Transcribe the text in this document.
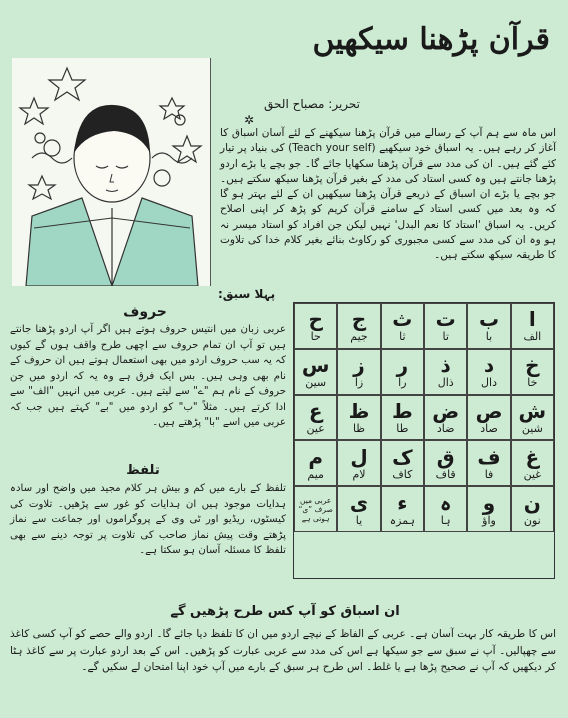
قرآن پڑھنا سیکھیں
تحریر: مصباح الحق
✲
اس ماہ سے ہم آپ کے رسالے میں قرآن پڑھنا سیکھنے کے لئے آسان اسباق کا آغاز کر رہے ہیں۔ یہ اسباق خود سیکھیے (Teach your self) کی بنیاد پر تیار کئے گئے ہیں۔ ان کی مدد سے قرآن پڑھنا سکھایا جائے گا۔ جو بچے یا بڑے اردو پڑھنا جانتے ہیں وہ کسی استاد کی مدد کے بغیر قرآن پڑھنا سیکھ سکتے ہیں۔ جو بچے یا بڑے ان اسباق کے ذریعے قرآن پڑھنا سیکھیں ان کے لئے بہتر ہو گا کہ وہ بعد میں کسی استاد کے سامنے قرآن کریم کو پڑھ کر اپنی اصلاح کریں۔ یہ اسباق 'استاد کا نعم البدل' نہیں لیکن جن افراد کو استاد میسر نہ ہو وہ ان کی مدد سے کسی مجبوری کو رکاوٹ بنائے بغیر کلام خدا کی تلاوت کا طریقہ سیکھ سکتے ہیں۔
پہلا سبق:
حروف
عربی زبان میں انتیس حروف ہوتے ہیں اگر آپ اردو پڑھنا جانتے ہیں تو آپ ان تمام حروف سے اچھی طرح واقف ہوں گے کیوں کہ یہ سب حروف اردو میں بھی استعمال ہوتے ہیں ان حروف کے نام بھی وہی ہیں۔ بس ایک فرق ہے وہ یہ کہ اردو میں جن حروف کے نام ہم "ے" سے لیتے ہیں۔ عربی میں انہیں "الف" سے ادا کرتے ہیں۔ مثلاً "ب" کو اردو میں "بے" کہتے ہیں جب کہ عربی میں اسے "با" پڑھتے ہیں۔
تلفظ
تلفظ کے بارے میں کم و بیش ہر کلام مجید میں واضح اور سادہ ہدایات موجود ہیں ان ہدایات کو غور سے پڑھیں۔ تلاوت کی کیسٹوں، ریڈیو اور ٹی وی کے پروگراموں اور جماعت سے نماز پڑھتے وقت پیش نماز صاحب کی تلاوت پر توجہ دینے سے بھی تلفظ کا مسئلہ آسان ہو سکتا ہے۔
ا
الف
ب
با
ت
تا
ث
ثا
ج
جیم
ح
حا
خ
خا
د
دال
ذ
ذال
ر
را
ز
زا
س
سین
ش
شین
ص
صاد
ض
ضاد
ط
طا
ظ
ظا
ع
عین
غ
غین
ف
فا
ق
قاف
ک
کاف
ل
لام
م
میم
ن
نون
و
واؤ
ہ
ہا
ء
ہمزہ
ی
یا
عربی میں صرف ”ی“ ہوتی ہے
ان اسباق کو آپ کس طرح پڑھیں گے
اس کا طریقہ کار بہت آسان ہے۔ عربی کے الفاظ کے نیچے اردو میں ان کا تلفظ دیا جائے گا۔ اردو والے حصے کو آپ کسی کاغذ سے چھپالیں۔ آپ نے سبق سے جو سیکھا ہے اس کی مدد سے عربی عبارت کو پڑھیں۔ اس کے بعد اردو عبارت پر سے کاغذ ہٹا کر دیکھیں کہ آپ نے صحیح پڑھا ہے یا غلط۔ اس طرح ہر سبق کے بارے میں آپ خود اپنا امتحان لے سکیں گے۔
